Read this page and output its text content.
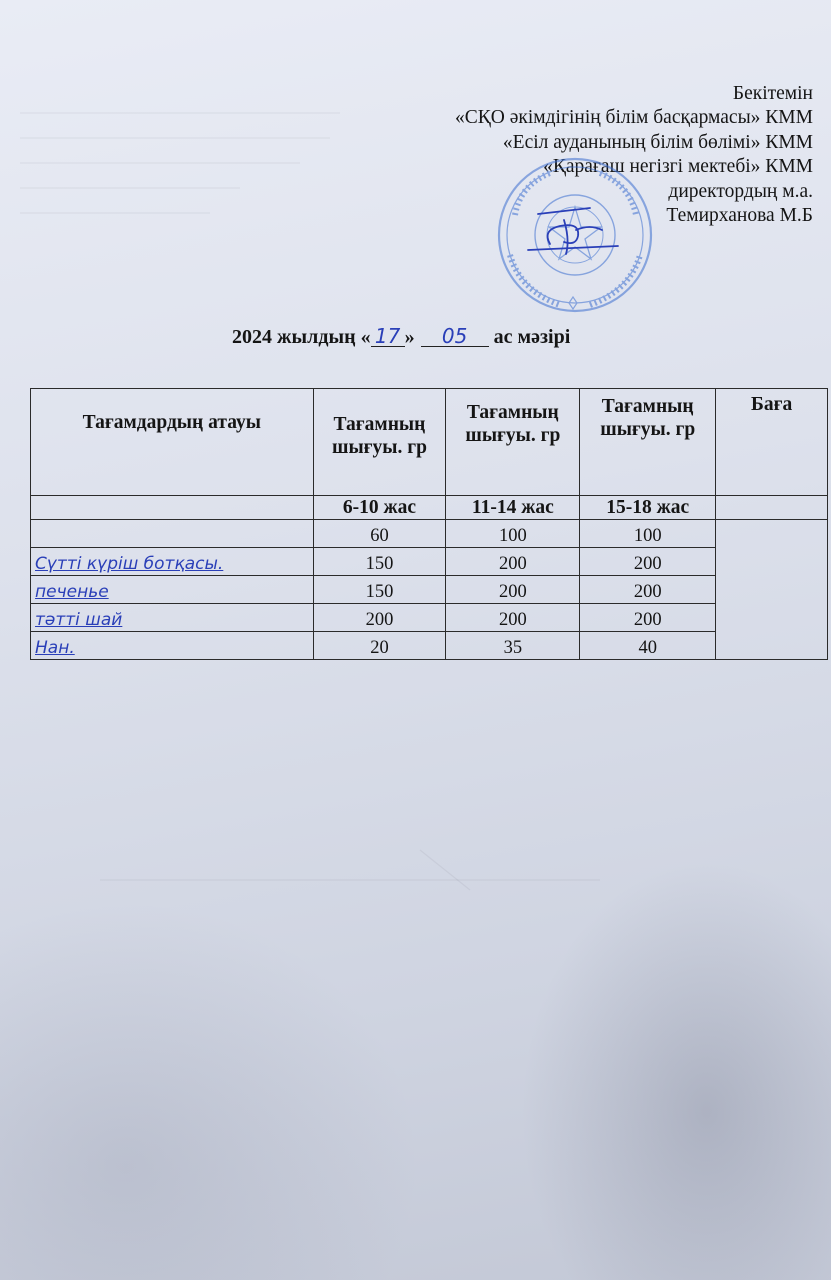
Бекітемін
«СҚО әкімдігінің білім басқармасы» КММ
«Есіл ауданының білім бөлімі» КММ
«Қарағаш негізгі мектебі» КММ
директордың м.а.
Темирханова М.Б
2024 жылдың « 17 » 05 ас мәзірі
Тағамдардың атауы	Тағамның шығуы. гр	Тағамның шығуы. гр	Тағамның шығуы. гр	Баға
	6-10 жас	11-14 жас	15-18 жас	
	60	100	100	
Сүтті күріш ботқасы.	150	200	200	
печенье	150	200	200	
тәтті шай	200	200	200	
Нан.	20	35	40	
